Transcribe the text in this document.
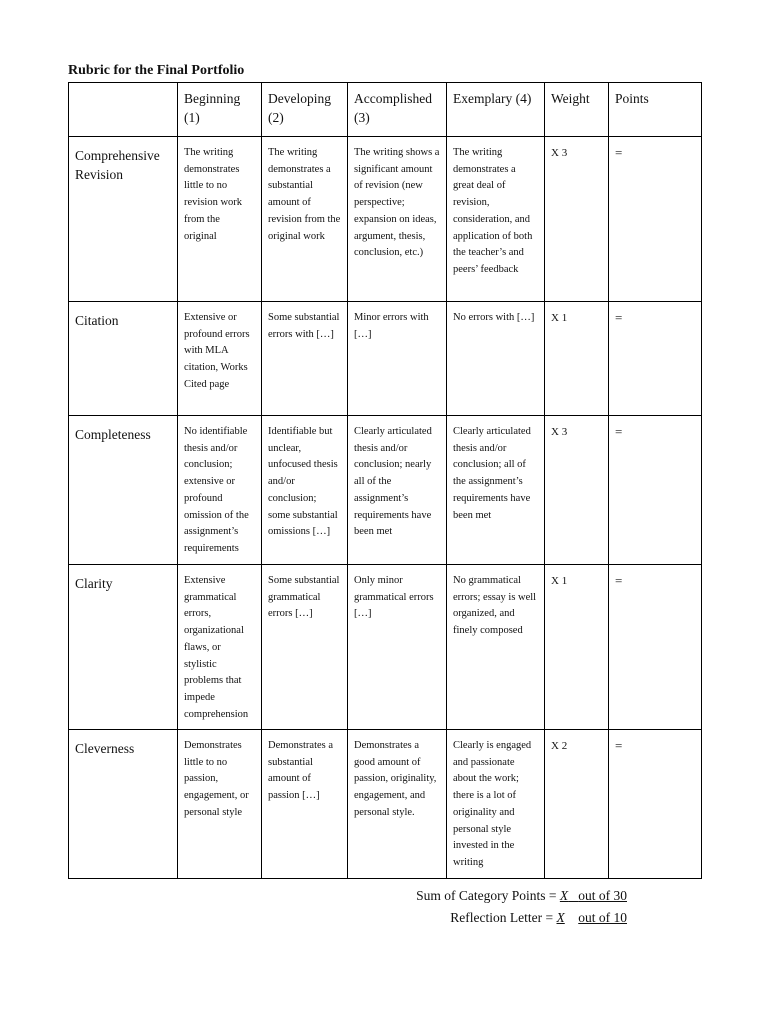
Rubric for the Final Portfolio
	Beginning (1)	Developing (2)	Accomplished (3)	Exemplary (4)	Weight	Points
Comprehensive Revision	The writing demonstrates little to no revision work from the original	The writing demonstrates a substantial amount of revision from the original work	The writing shows a significant amount of revision (new perspective; expansion on ideas, argument, thesis, conclusion, etc.)	The writing demonstrates a great deal of revision, consideration, and application of both the teacher’s and peers’ feedback	X 3	=
Citation	Extensive or profound errors with MLA citation, Works Cited page	Some substantial errors with […]	Minor errors with […]	No errors with […]	X 1	=
Completeness	No identifiable thesis and/or conclusion; extensive or profound omission of the assignment’s requirements	Identifiable but unclear, unfocused thesis and/or conclusion; some substantial omissions […]	Clearly articulated thesis and/or conclusion; nearly all of the assignment’s requirements have been met	Clearly articulated thesis and/or conclusion; all of the assignment’s requirements have been met	X 3	=
Clarity	Extensive grammatical errors, organizational flaws, or stylistic problems that impede comprehension	Some substantial grammatical errors […]	Only minor grammatical errors […]	No grammatical errors; essay is well organized, and finely composed	X 1	=
Cleverness	Demonstrates little to no passion, engagement, or personal style	Demonstrates a substantial amount of passion […]	Demonstrates a good amount of passion, originality, engagement, and personal style.	Clearly is engaged and passionate about the work; there is a lot of originality and personal style invested in the writing	X 2	=
Sum of Category Points = X out of 30
Reflection Letter = X out of 10
